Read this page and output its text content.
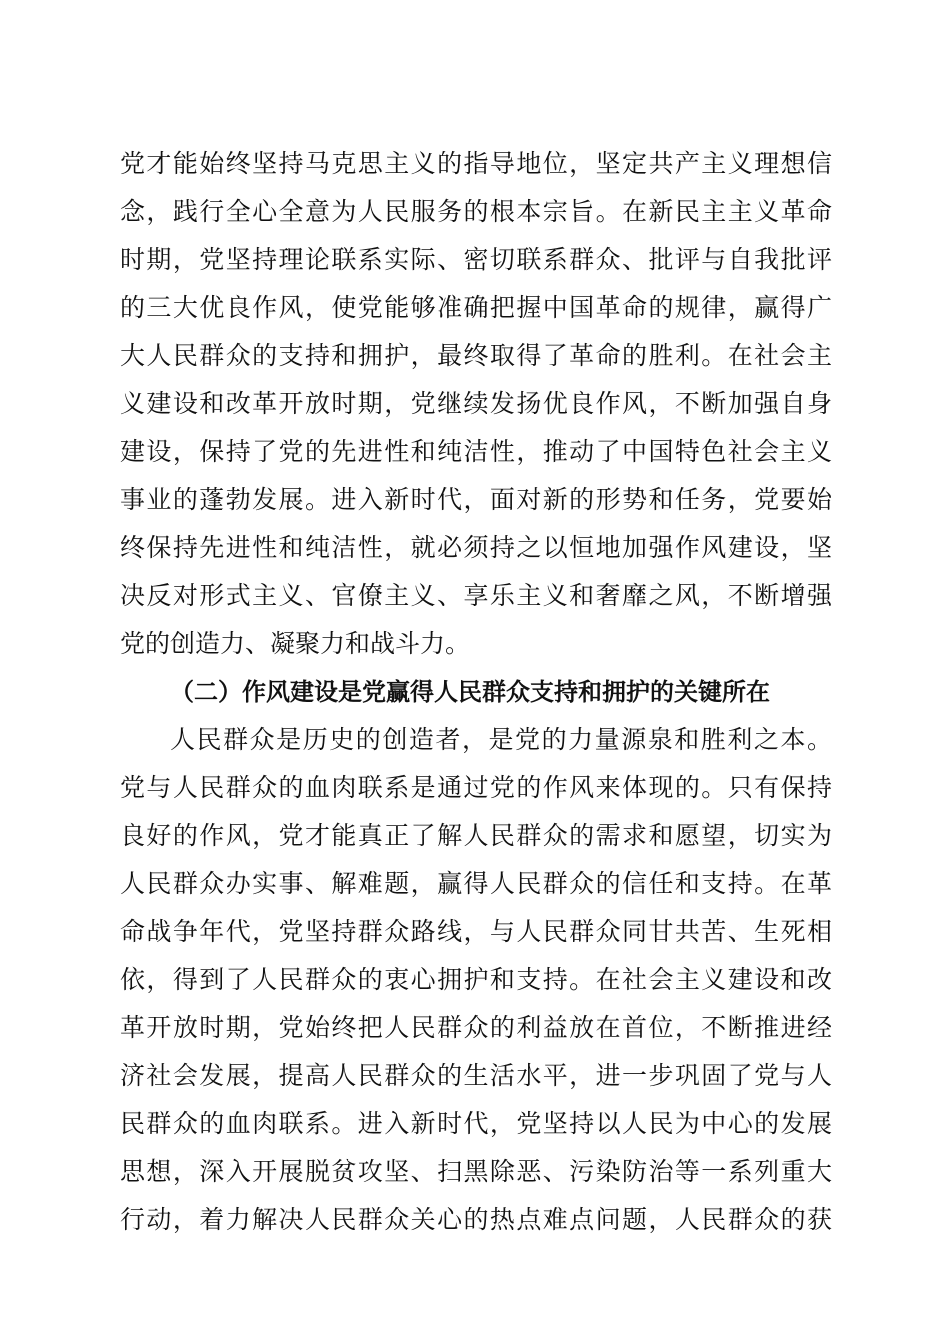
党才能始终坚持马克思主义的指导地位，坚定共产主义理想信
念，践行全心全意为人民服务的根本宗旨。在新民主主义革命
时期，党坚持理论联系实际、密切联系群众、批评与自我批评
的三大优良作风，使党能够准确把握中国革命的规律，赢得广
大人民群众的支持和拥护，最终取得了革命的胜利。在社会主
义建设和改革开放时期，党继续发扬优良作风，不断加强自身
建设，保持了党的先进性和纯洁性，推动了中国特色社会主义
事业的蓬勃发展。进入新时代，面对新的形势和任务，党要始
终保持先进性和纯洁性，就必须持之以恒地加强作风建设，坚
决反对形式主义、官僚主义、享乐主义和奢靡之风，不断增强
党的创造力、凝聚力和战斗力。
（二）作风建设是党赢得人民群众支持和拥护的关键所在
人民群众是历史的创造者，是党的力量源泉和胜利之本。
党与人民群众的血肉联系是通过党的作风来体现的。只有保持
良好的作风，党才能真正了解人民群众的需求和愿望，切实为
人民群众办实事、解难题，赢得人民群众的信任和支持。在革
命战争年代，党坚持群众路线，与人民群众同甘共苦、生死相
依，得到了人民群众的衷心拥护和支持。在社会主义建设和改
革开放时期，党始终把人民群众的利益放在首位，不断推进经
济社会发展，提高人民群众的生活水平，进一步巩固了党与人
民群众的血肉联系。进入新时代，党坚持以人民为中心的发展
思想，深入开展脱贫攻坚、扫黑除恶、污染防治等一系列重大
行动，着力解决人民群众关心的热点难点问题，人民群众的获
